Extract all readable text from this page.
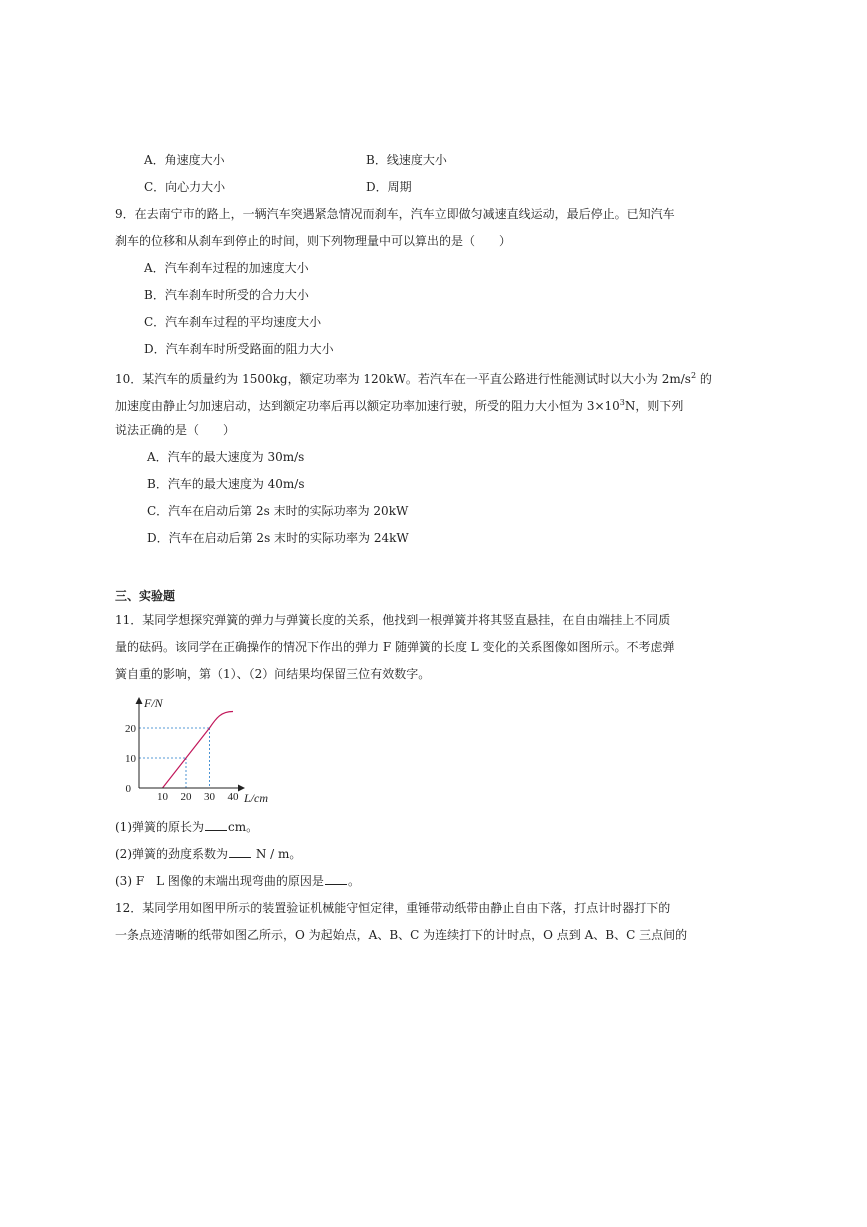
A．角速度大小	B．线速度大小
C．向心力大小	D．周期
9．在去南宁市的路上，一辆汽车突遇紧急情况而刹车，汽车立即做匀减速直线运动，最后停止。已知汽车
刹车的位移和从刹车到停止的时间，则下列物理量中可以算出的是（　　）
A．汽车刹车过程的加速度大小
B．汽车刹车时所受的合力大小
C．汽车刹车过程的平均速度大小
D．汽车刹车时所受路面的阻力大小
10．某汽车的质量约为 1500kg，额定功率为 120kW。若汽车在一平直公路进行性能测试时以大小为 $2m/s^2$ 的
加速度由静止匀加速启动，达到额定功率后再以额定功率加速行驶，所受的阻力大小恒为 $3\times 10^3N$，则下列
说法正确的是（　　）
A．汽车的最大速度为 30m/s
B．汽车的最大速度为 40m/s
C．汽车在启动后第 2s 末时的实际功率为 20kW
D．汽车在启动后第 2s 末时的实际功率为 24kW
三、实验题
11．某同学想探究弹簧的弹力与弹簧长度的关系，他找到一根弹簧并将其竖直悬挂，在自由端挂上不同质
量的砝码。该同学在正确操作的情况下作出的弹力 F 随弹簧的长度 L 变化的关系图像如图所示。不考虑弹
簧自重的影响，第（1）、（2）问结果均保留三位有效数字。
10 20 30 40
0
10
20
F/N
L/cm
(1)弹簧的原长为 cm。
(2)弹簧的劲度系数为 N / m。
(3) F　L 图像的末端出现弯曲的原因是 。
12．某同学用如图甲所示的装置验证机械能守恒定律，重锤带动纸带由静止自由下落，打点计时器打下的
一条点迹清晰的纸带如图乙所示，O 为起始点，A、B、C 为连续打下的计时点，O 点到 A、B、C 三点间的
